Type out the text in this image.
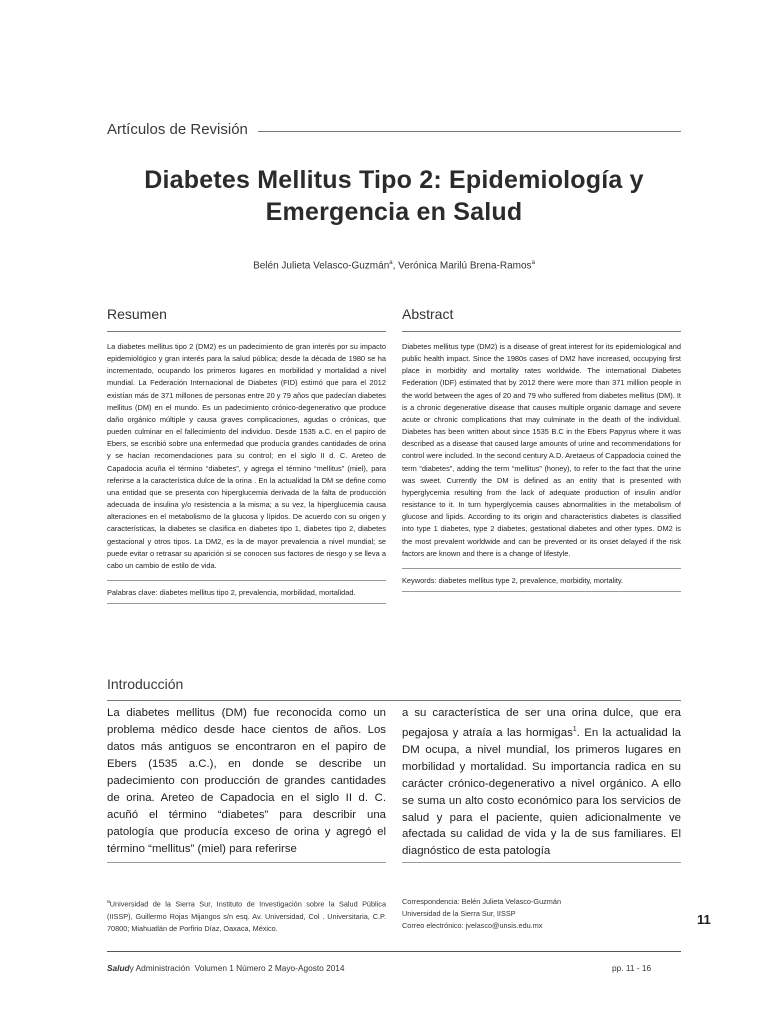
Artículos de Revisión
Diabetes Mellitus Tipo 2: Epidemiología y Emergencia en Salud
Belén Julieta Velasco-Guzmán$^a$, Verónica Marilú Brena-Ramos$^a$
Resumen

La diabetes mellitus tipo 2 (DM2) es un padecimiento de gran interés por su impacto epidemiológico y gran interés para la salud pública; desde la década de 1980 se ha incrementado, ocupando los primeros lugares en morbilidad y mortalidad a nivel mundial. La Federación Internacional de Diabetes (FID) estimó que para el 2012 existían más de 371 millones de personas entre 20 y 79 años que padecían diabetes mellitus (DM) en el mundo. Es un padecimiento crónico-degenerativo que produce daño orgánico múltiple y causa graves complicaciones, agudas o crónicas, que pueden culminar en el fallecimiento del individuo. Desde 1535 a.C. en el papiro de Ebers, se escribió sobre una enfermedad que producía grandes cantidades de orina y se hacían recomendaciones para su control; en el siglo II d. C. Areteo de Capadocia acuña el término “diabetes”, y agrega el término “mellitus” (miel), para referirse a la característica dulce de la orina . En la actualidad la DM se define como una entidad que se presenta con hiperglucemia derivada de la falta de producción adecuada de insulina y/o resistencia a la misma; a su vez, la hiperglucemia causa alteraciones en el metabolismo de la glucosa y lípidos. De acuerdo con su origen y características, la diabetes se clasifica en diabetes tipo 1, diabetes tipo 2, diabetes gestacional y otros tipos. La DM2, es la de mayor prevalencia a nivel mundial; se puede evitar o retrasar su aparición si se conocen sus factores de riesgo y se lleva a cabo un cambio de estilo de vida.

Palabras clave: diabetes mellitus tipo 2, prevalencia, morbilidad, mortalidad.

Abstract

Diabetes mellitus type (DM2) is a disease of great interest for its epidemiological and public health impact. Since the 1980s cases of DM2 have increased, occupying first place in morbidity and mortality rates worldwide. The international Diabetes Federation (IDF) estimated that by 2012 there were more than 371 million people in the world between the ages of 20 and 79 who suffered from diabetes mellitus (DM). It is a chronic degenerative disease that causes multiple organic damage and severe acute or chronic complications that may culminate in the death of the individual. Diabetes has been written about since 1535 B.C in the Ebers Papyrus where it was described as a disease that caused large amounts of urine and recommendations for control were included. In the second century A.D. Aretaeus of Cappadocia coined the term “diabetes”, adding the term “mellitus” (honey), to refer to the fact that the urine was sweet. Currently the DM is defined as an entity that is presented with hyperglycemia resulting from the lack of adequate production of insulin and/or resistance to it. In turn hyperglycemia causes abnormalities in the metabolism of glucose and lipids. According to its origin and characteristics diabetes is classified into type 1 diabetes, type 2 diabetes, gestational diabetes and other types. DM2 is the most prevalent worldwide and can be prevented or its onset delayed if the risk factors are known and there is a change of lifestyle.

Keywords: diabetes mellitus type 2, prevalence, morbidity, mortality.

Introducción

La diabetes mellitus (DM) fue reconocida como un problema médico desde hace cientos de años. Los datos más antiguos se encontraron en el papiro de Ebers (1535 a.C.), en donde se describe un padecimiento con producción de grandes cantidades de orina. Areteo de Capadocia en el siglo II d. C. acuñó el término “diabetes” para describir una patología que producía exceso de orina y agregó el término “mellitus” (miel) para referirse

a su característica de ser una orina dulce, que era pegajosa y atraía a las hormigas$^1$. En la actualidad la DM ocupa, a nivel mundial, los primeros lugares en morbilidad y mortalidad. Su importancia radica en su carácter crónico-degenerativo a nivel orgánico. A ello se suma un alto costo económico para los servicios de salud y para el paciente, quien adicionalmente ve afectada su calidad de vida y la de sus familiares. El diagnóstico de esta patología

$^a$Universidad de la Sierra Sur, Instituto de Investigación sobre la Salud Pública (IISSP), Guillermo Rojas Mijangos s/n esq. Av. Universidad, Col . Universitaria, C.P. 70800; Miahuatlán de Porfirio Díaz, Oaxaca, México.

Correspondencia: Belén Julieta Velasco-Guzmán
Universidad de la Sierra Sur, IISSP
Correo electrónico: jvelasco@unsis.edu.mx	11
Saludy Administración Volumen 1 Número 2 Mayo-Agosto 2014	pp. 11 - 16
